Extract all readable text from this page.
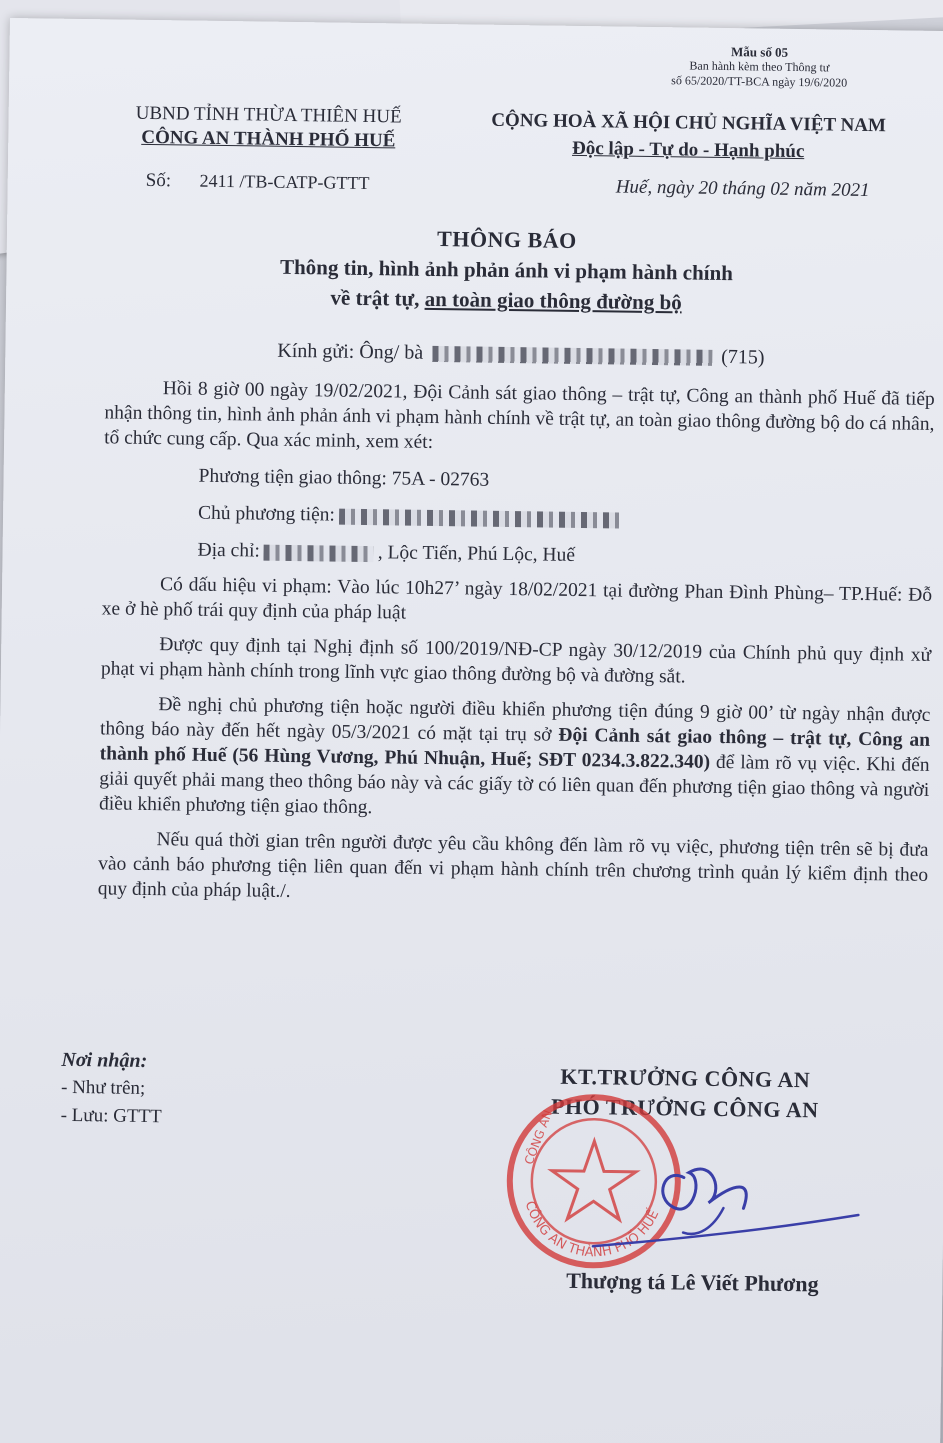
Mẫu số 05
Ban hành kèm theo Thông tư
số 65/2020/TT-BCA ngày 19/6/2020
UBND TỈNH THỪA THIÊN HUẾ
CÔNG AN THÀNH PHỐ HUẾ
CỘNG HOÀ XÃ HỘI CHỦ NGHĨA VIỆT NAM
Độc lập - Tự do - Hạnh phúc
Số: 2411 /TB-CATP-GTTT	Huế, ngày 20 tháng 02 năm 2021
THÔNG BÁO
Thông tin, hình ảnh phản ánh vi phạm hành chính
về trật tự, an toàn giao thông đường bộ
Kính gửi: Ông/ bà	(715)

Hồi 8 giờ 00 ngày 19/02/2021, Đội Cảnh sát giao thông – trật tự, Công an thành phố Huế đã tiếp nhận thông tin, hình ảnh phản ánh vi phạm hành chính về trật tự, an toàn giao thông đường bộ do cá nhân, tổ chức cung cấp. Qua xác minh, xem xét:

Phương tiện giao thông: 75A - 02763

Chủ phương tiện:

Địa chỉ:	, Lộc Tiến, Phú Lộc, Huế

Có dấu hiệu vi phạm: Vào lúc 10h27’ ngày 18/02/2021 tại đường Phan Đình Phùng– TP.Huế: Đỗ xe ở hè phố trái quy định của pháp luật

Được quy định tại Nghị định số 100/2019/NĐ-CP ngày 30/12/2019 của Chính phủ quy định xử phạt vi phạm hành chính trong lĩnh vực giao thông đường bộ và đường sắt.

Đề nghị chủ phương tiện hoặc người điều khiển phương tiện đúng 9 giờ 00’ từ ngày nhận được thông báo này đến hết ngày 05/3/2021 có mặt tại trụ sở Đội Cảnh sát giao thông – trật tự, Công an thành phố Huế (56 Hùng Vương, Phú Nhuận, Huế; SĐT 0234.3.822.340) để làm rõ vụ việc. Khi đến giải quyết phải mang theo thông báo này và các giấy tờ có liên quan đến phương tiện giao thông và người điều khiển phương tiện giao thông.

Nếu quá thời gian trên người được yêu cầu không đến làm rõ vụ việc, phương tiện trên sẽ bị đưa vào cảnh báo phương tiện liên quan đến vi phạm hành chính trên chương trình quản lý kiểm định theo quy định của pháp luật./.

Nơi nhận:
- Như trên;
- Lưu: GTTT
KT.TRƯỞNG CÔNG AN
PHÓ TRƯỞNG CÔNG AN
CÔNG AN THÀNH PHỐ HUẾ
CÔNG AN
Thượng tá Lê Viết Phương
